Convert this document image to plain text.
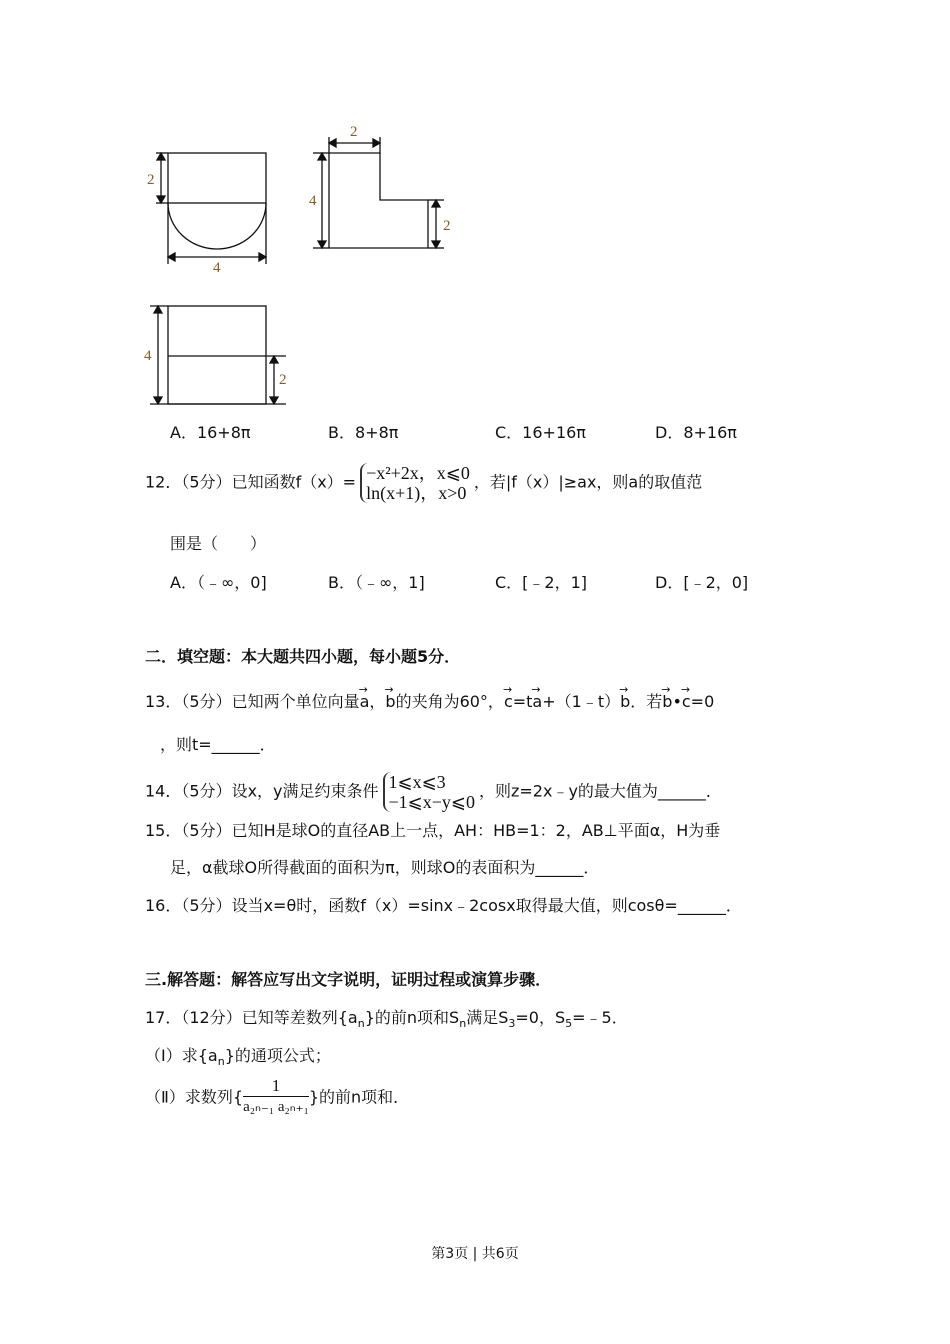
2
4
2
4
2
4
2
A．16+8π	B．8+8π	C．16+16π	D．8+16π
12．（5分）已知函数f（x）= −x²+2x，x⩽0
ln(x+1)，x>0，若|f（x）|≥ax，则a的取值范
围是（　　）
A．（﹣∞，0]	B．（﹣∞，1]	C．[﹣2，1]	D．[﹣2，0]
二．填空题：本大题共四小题，每小题5分．
13．（5分）已知两个单位向量→ a，→ b的夹角为60°，→ c=t→ a+（1﹣t）→ b．若→ b•→ c=0
，则t=______．
14．（5分）设x，y满足约束条件 1⩽x⩽3
−1⩽x−y⩽0，则z=2x﹣y的最大值为______．
15．（5分）已知H是球O的直径AB上一点，AH：HB=1：2，AB⊥平面α，H为垂
足，α截球O所得截面的面积为π，则球O的表面积为______．
16．（5分）设当x=θ时，函数f（x）=sinx﹣2cosx取得最大值，则cosθ=______．
三.解答题：解答应写出文字说明，证明过程或演算步骤．
17．（12分）已知等差数列$\{a_n\}$的前n项和$S_n$满足$S_3=0$，$S_5=﹣5$．
（Ⅰ）求$\{a_n\}$的通项公式；
（Ⅱ）求数列{ $\frac{1}{\text{a₂ₙ₋₁ a₂ₙ₊₁}}$ }的前n项和．
第3页 | 共6页
